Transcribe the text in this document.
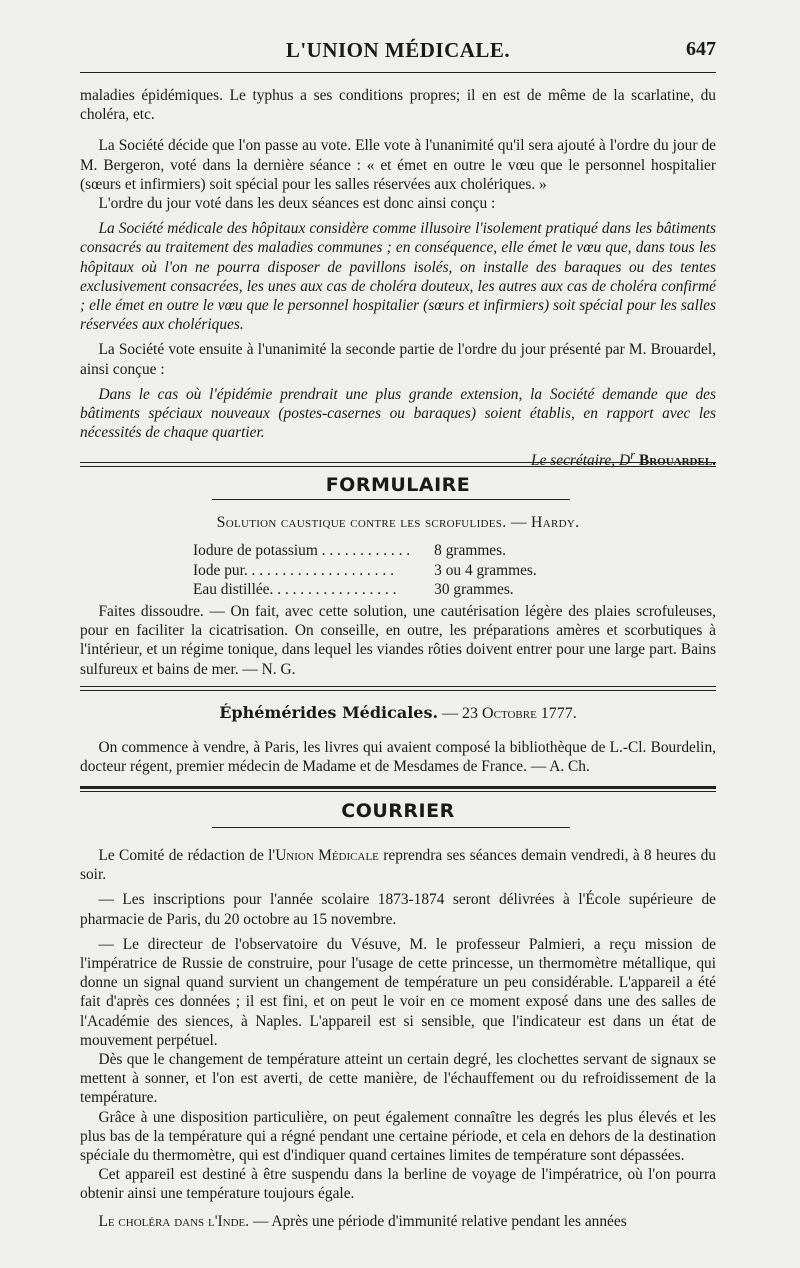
L'UNION MÉDICALE.	647

maladies épidémiques. Le typhus a ses conditions propres; il en est de même de la scarlatine, du choléra, etc.

La Société décide que l'on passe au vote. Elle vote à l'unanimité qu'il sera ajouté à l'ordre du jour de M. Bergeron, voté dans la dernière séance : « et émet en outre le vœu que le personnel hospitalier (sœurs et infirmiers) soit spécial pour les salles réservées aux cholériques. »

L'ordre du jour voté dans les deux séances est donc ainsi conçu :

La Société médicale des hôpitaux considère comme illusoire l'isolement pratiqué dans les bâtiments consacrés au traitement des maladies communes ; en conséquence, elle émet le vœu que, dans tous les hôpitaux où l'on ne pourra disposer de pavillons isolés, on installe des baraques ou des tentes exclusivement consacrées, les unes aux cas de choléra douteux, les autres aux cas de choléra confirmé ; elle émet en outre le vœu que le personnel hospitalier (sœurs et infirmiers) soit spécial pour les salles réservées aux cholériques.

La Société vote ensuite à l'unanimité la seconde partie de l'ordre du jour présenté par M. Brouardel, ainsi conçue :

Dans le cas où l'épidémie prendrait une plus grande extension, la Société demande que des bâtiments spéciaux nouveaux (postes-casernes ou baraques) soient établis, en rapport avec les nécessités de chaque quartier.

Le secrétaire, $D^r$ Brouardel.

FORMULAIRE
Solution caustique contre les scrofulides. — Hardy.
Iodure de potassium . . . . . . . . . . . .	8 grammes.
Iode pur. . . . . . . . . . . . . . . . . . . .	3 ou 4 grammes.
Eau distillée. . . . . . . . . . . . . . . . .	30 grammes.

Faites dissoudre. — On fait, avec cette solution, une cautérisation légère des plaies scrofuleuses, pour en faciliter la cicatrisation. On conseille, en outre, les préparations amères et scorbutiques à l'intérieur, et un régime tonique, dans lequel les viandes rôties doivent entrer pour une large part. Bains sulfureux et bains de mer. — N. G.

Éphémérides Médicales. — 23 Octobre 1777.

On commence à vendre, à Paris, les livres qui avaient composé la bibliothèque de L.-Cl. Bourdelin, docteur régent, premier médecin de Madame et de Mesdames de France. — A. Ch.

COURRIER

Le Comité de rédaction de l'Union Médicale reprendra ses séances demain vendredi, à 8 heures du soir.

— Les inscriptions pour l'année scolaire 1873-1874 seront délivrées à l'École supérieure de pharmacie de Paris, du 20 octobre au 15 novembre.

— Le directeur de l'observatoire du Vésuve, M. le professeur Palmieri, a reçu mission de l'impératrice de Russie de construire, pour l'usage de cette princesse, un thermomètre métallique, qui donne un signal quand survient un changement de température un peu considérable. L'appareil a été fait d'après ces données ; il est fini, et on peut le voir en ce moment exposé dans une des salles de l'Académie des siences, à Naples. L'appareil est si sensible, que l'indicateur est dans un état de mouvement perpétuel.

Dès que le changement de température atteint un certain degré, les clochettes servant de signaux se mettent à sonner, et l'on est averti, de cette manière, de l'échauffement ou du refroidissement de la température.

Grâce à une disposition particulière, on peut également connaître les degrés les plus élevés et les plus bas de la température qui a régné pendant une certaine période, et cela en dehors de la destination spéciale du thermomètre, qui est d'indiquer quand certaines limites de température sont dépassées.

Cet appareil est destiné à être suspendu dans la berline de voyage de l'impératrice, où l'on pourra obtenir ainsi une température toujours égale.

Le choléra dans l'Inde. — Après une période d'immunité relative pendant les années
